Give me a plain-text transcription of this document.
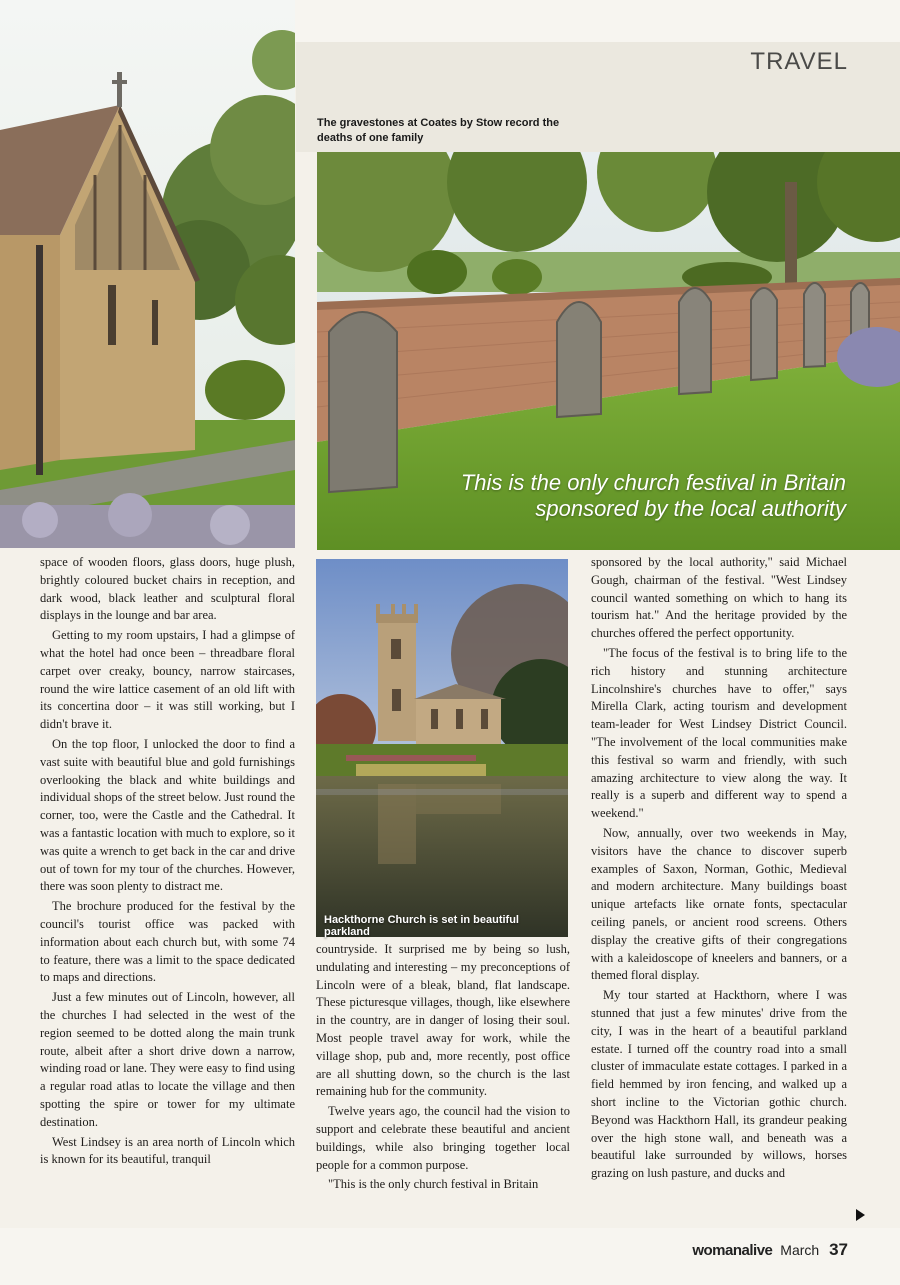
TRAVEL
The gravestones at Coates by Stow record the deaths of one family
This is the only church festival in Britain
sponsored by the local authority
Hackthorne Church is set in beautiful parkland

space of wooden floors, glass doors, huge plush, brightly coloured bucket chairs in reception, and dark wood, black leather and sculptural floral displays in the lounge and bar area.

Getting to my room upstairs, I had a glimpse of what the hotel had once been – threadbare floral carpet over creaky, bouncy, narrow staircases, round the wire lattice casement of an old lift with its concertina door – it was still working, but I didn't brave it.

On the top floor, I unlocked the door to find a vast suite with beautiful blue and gold furnishings overlooking the black and white buildings and individual shops of the street below. Just round the corner, too, were the Castle and the Cathedral. It was a fantastic location with much to explore, so it was quite a wrench to get back in the car and drive out of town for my tour of the churches. However, there was soon plenty to distract me.

The brochure produced for the festival by the council's tourist office was packed with information about each church but, with some 74 to feature, there was a limit to the space dedicated to maps and directions.

Just a few minutes out of Lincoln, however, all the churches I had selected in the west of the region seemed to be dotted along the main trunk route, albeit after a short drive down a narrow, winding road or lane. They were easy to find using a regular road atlas to locate the village and then spotting the spire or tower for my ultimate destination.

West Lindsey is an area north of Lincoln which is known for its beautiful, tranquil

countryside. It surprised me by being so lush, undulating and interesting – my preconceptions of Lincoln were of a bleak, bland, flat landscape. These picturesque villages, though, like elsewhere in the country, are in danger of losing their soul. Most people travel away for work, while the village shop, pub and, more recently, post office are all shutting down, so the church is the last remaining hub for the community.

Twelve years ago, the council had the vision to support and celebrate these beautiful and ancient buildings, while also bringing together local people for a common purpose.

"This is the only church festival in Britain

sponsored by the local authority," said Michael Gough, chairman of the festival. "West Lindsey council wanted something on which to hang its tourism hat." And the heritage provided by the churches offered the perfect opportunity.

"The focus of the festival is to bring life to the rich history and stunning architecture Lincolnshire's churches have to offer," says Mirella Clark, acting tourism and development team-leader for West Lindsey District Council. "The involvement of the local communities make this festival so warm and friendly, with such amazing architecture to view along the way. It really is a superb and different way to spend a weekend."

Now, annually, over two weekends in May, visitors have the chance to discover superb examples of Saxon, Norman, Gothic, Medieval and modern architecture. Many buildings boast unique artefacts like ornate fonts, spectacular ceiling panels, or ancient rood screens. Others display the creative gifts of their congregations with a kaleidoscope of kneelers and banners, or a themed floral display.

My tour started at Hackthorn, where I was stunned that just a few minutes' drive from the city, I was in the heart of a beautiful parkland estate. I turned off the country road into a small cluster of immaculate estate cottages. I parked in a field hemmed by iron fencing, and walked up a short incline to the Victorian gothic church. Beyond was Hackthorn Hall, its grandeur peaking over the high stone wall, and beneath was a beautiful lake surrounded by willows, horses grazing on lush pasture, and ducks and

womanalive March 37
